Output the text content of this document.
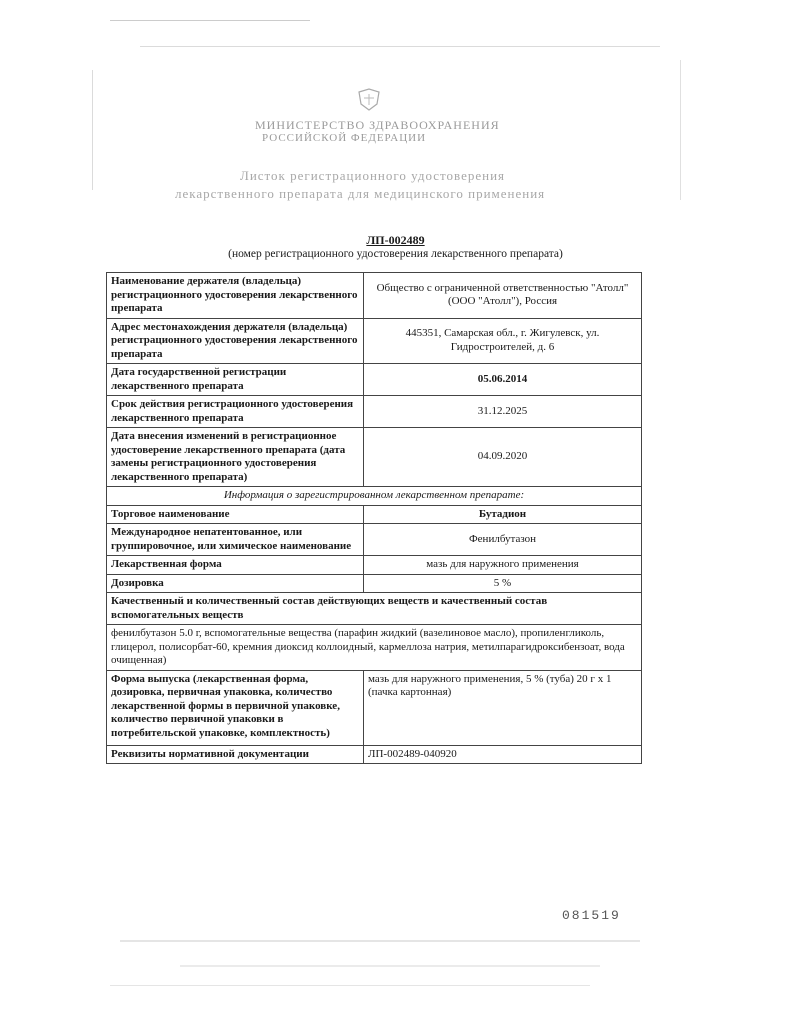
МИНИСТЕРСТВО ЗДРАВООХРАНЕНИЯ
РОССИЙСКОЙ ФЕДЕРАЦИИ
Листок регистрационного удостоверения
лекарственного препарата для медицинского применения
ЛП-002489
(номер регистрационного удостоверения лекарственного препарата)
Наименование держателя (владельца) регистрационного удостоверения лекарственного препарата	Общество с ограниченной ответственностью "Атолл" (ООО "Атолл"), Россия
Адрес местонахождения держателя (владельца) регистрационного удостоверения лекарственного препарата	445351, Самарская обл., г. Жигулевск, ул. Гидростроителей, д. 6
Дата государственной регистрации лекарственного препарата	05.06.2014
Срок действия регистрационного удостоверения лекарственного препарата	31.12.2025
Дата внесения изменений в регистрационное удостоверение лекарственного препарата (дата замены регистрационного удостоверения лекарственного препарата)	04.09.2020
Информация о зарегистрированном лекарственном препарате:	
Торговое наименование	Бутадион
Международное непатентованное, или группировочное, или химическое наименование	Фенилбутазон
Лекарственная форма	мазь для наружного применения
Дозировка	5 %
Качественный и количественный состав действующих веществ и качественный состав вспомогательных веществ	
фенилбутазон 5.0 г, вспомогательные вещества (парафин жидкий (вазелиновое масло), пропиленгликоль, глицерол, полисорбат-60, кремния диоксид коллоидный, кармеллоза натрия, метилпарагидроксибензоат, вода очищенная)	
Форма выпуска (лекарственная форма, дозировка, первичная упаковка, количество лекарственной формы в первичной упаковке, количество первичной упаковки в потребительской упаковке, комплектность)	мазь для наружного применения, 5 % (туба) 20 г x 1 (пачка картонная)
Реквизиты нормативной документации	ЛП-002489-040920
081519
